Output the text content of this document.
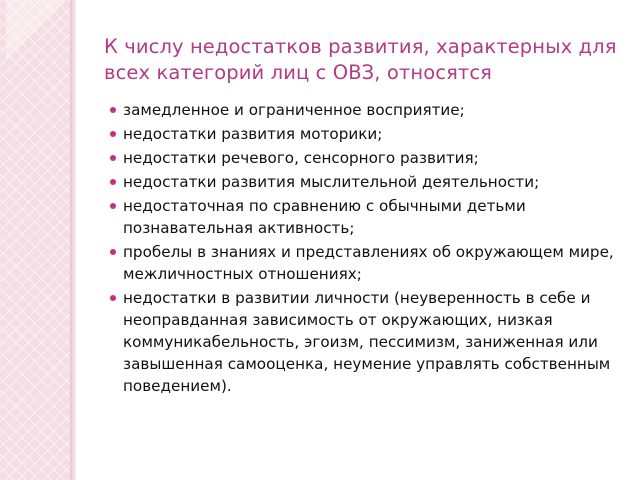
К числу недостатков развития, характерных для всех категорий лиц с ОВЗ, относятся
замедленное и ограниченное восприятие;
недостатки развития моторики;
недостатки речевого, сенсорного развития;
недостатки развития мыслительной деятельности;
недостаточная по сравнению с обычными детьми познавательная активность;
пробелы в знаниях и представлениях об окружающем мире, межличностных отношениях;
недостатки в развитии личности (неуверенность в себе и неоправданная зависимость от окружающих, низкая коммуникабельность, эгоизм, пессимизм, заниженная или завышенная самооценка, неумение управлять собственным поведением).
